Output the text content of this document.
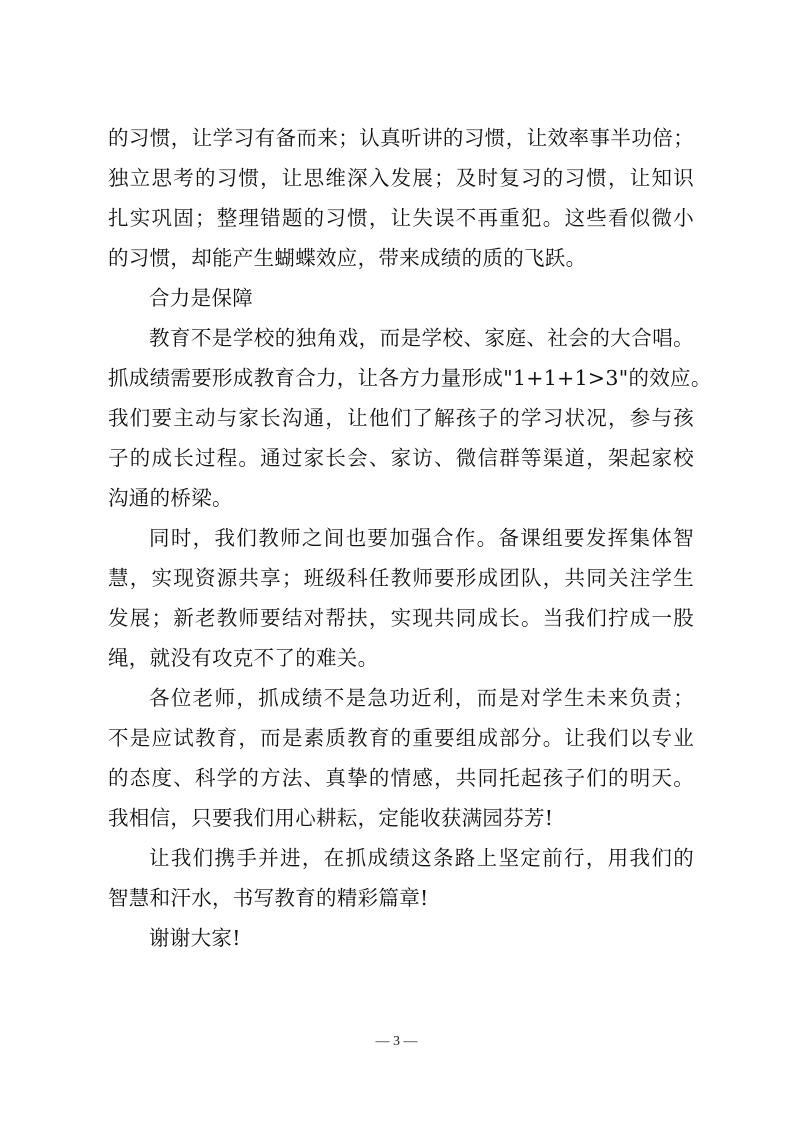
的习惯，让学习有备而来；认真听讲的习惯，让效率事半功倍；
独立思考的习惯，让思维深入发展；及时复习的习惯，让知识
扎实巩固；整理错题的习惯，让失误不再重犯。这些看似微小
的习惯，却能产生蝴蝶效应，带来成绩的质的飞跃。
合力是保障
教育不是学校的独角戏，而是学校、家庭、社会的大合唱。
抓成绩需要形成教育合力，让各方力量形成"1+1+1>3"的效应。
我们要主动与家长沟通，让他们了解孩子的学习状况，参与孩
子的成长过程。通过家长会、家访、微信群等渠道，架起家校
沟通的桥梁。
同时，我们教师之间也要加强合作。备课组要发挥集体智
慧，实现资源共享；班级科任教师要形成团队，共同关注学生
发展；新老教师要结对帮扶，实现共同成长。当我们拧成一股
绳，就没有攻克不了的难关。
各位老师，抓成绩不是急功近利，而是对学生未来负责；
不是应试教育，而是素质教育的重要组成部分。让我们以专业
的态度、科学的方法、真挚的情感，共同托起孩子们的明天。
我相信，只要我们用心耕耘，定能收获满园芬芳!
让我们携手并进，在抓成绩这条路上坚定前行，用我们的
智慧和汗水，书写教育的精彩篇章!
谢谢大家!
— 3 —
